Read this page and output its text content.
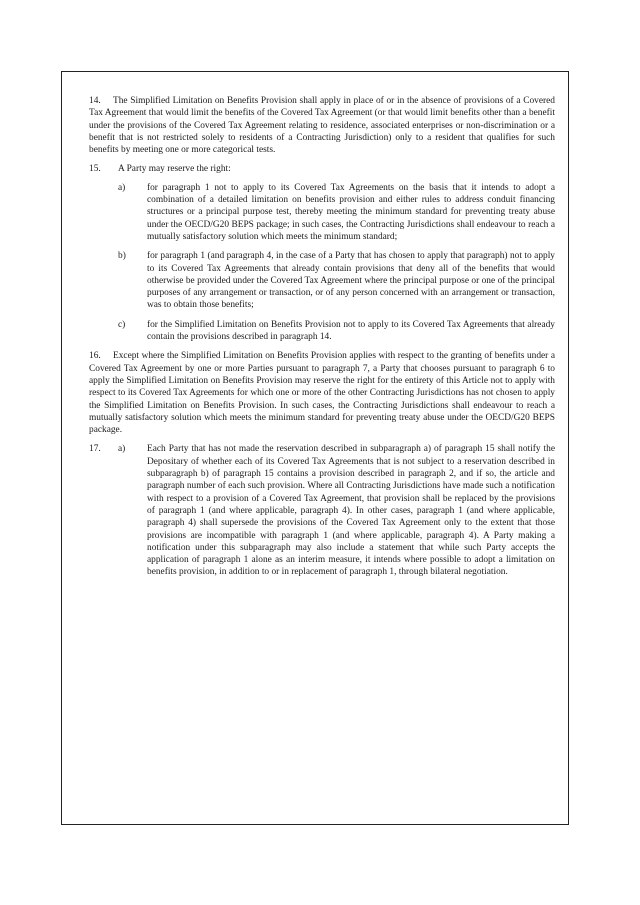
14. The Simplified Limitation on Benefits Provision shall apply in place of or in the absence of provisions of a Covered Tax Agreement that would limit the benefits of the Covered Tax Agreement (or that would limit benefits other than a benefit under the provisions of the Covered Tax Agreement relating to residence, associated enterprises or non-discrimination or a benefit that is not restricted solely to residents of a Contracting Jurisdiction) only to a resident that qualifies for such benefits by meeting one or more categorical tests.

15. A Party may reserve the right:

a) for paragraph 1 not to apply to its Covered Tax Agreements on the basis that it intends to adopt a combination of a detailed limitation on benefits provision and either rules to address conduit financing structures or a principal purpose test, thereby meeting the minimum standard for preventing treaty abuse under the OECD/G20 BEPS package; in such cases, the Contracting Jurisdictions shall endeavour to reach a mutually satisfactory solution which meets the minimum standard;

b) for paragraph 1 (and paragraph 4, in the case of a Party that has chosen to apply that paragraph) not to apply to its Covered Tax Agreements that already contain provisions that deny all of the benefits that would otherwise be provided under the Covered Tax Agreement where the principal purpose or one of the principal purposes of any arrangement or transaction, or of any person concerned with an arrangement or transaction, was to obtain those benefits;

c) for the Simplified Limitation on Benefits Provision not to apply to its Covered Tax Agreements that already contain the provisions described in paragraph 14.

16. Except where the Simplified Limitation on Benefits Provision applies with respect to the granting of benefits under a Covered Tax Agreement by one or more Parties pursuant to paragraph 7, a Party that chooses pursuant to paragraph 6 to apply the Simplified Limitation on Benefits Provision may reserve the right for the entirety of this Article not to apply with respect to its Covered Tax Agreements for which one or more of the other Contracting Jurisdictions has not chosen to apply the Simplified Limitation on Benefits Provision. In such cases, the Contracting Jurisdictions shall endeavour to reach a mutually satisfactory solution which meets the minimum standard for preventing treaty abuse under the OECD/G20 BEPS package.

17. a) Each Party that has not made the reservation described in subparagraph a) of paragraph 15 shall notify the Depositary of whether each of its Covered Tax Agreements that is not subject to a reservation described in subparagraph b) of paragraph 15 contains a provision described in paragraph 2, and if so, the article and paragraph number of each such provision. Where all Contracting Jurisdictions have made such a notification with respect to a provision of a Covered Tax Agreement, that provision shall be replaced by the provisions of paragraph 1 (and where applicable, paragraph 4). In other cases, paragraph 1 (and where applicable, paragraph 4) shall supersede the provisions of the Covered Tax Agreement only to the extent that those provisions are incompatible with paragraph 1 (and where applicable, paragraph 4). A Party making a notification under this subparagraph may also include a statement that while such Party accepts the application of paragraph 1 alone as an interim measure, it intends where possible to adopt a limitation on benefits provision, in addition to or in replacement of paragraph 1, through bilateral negotiation.
